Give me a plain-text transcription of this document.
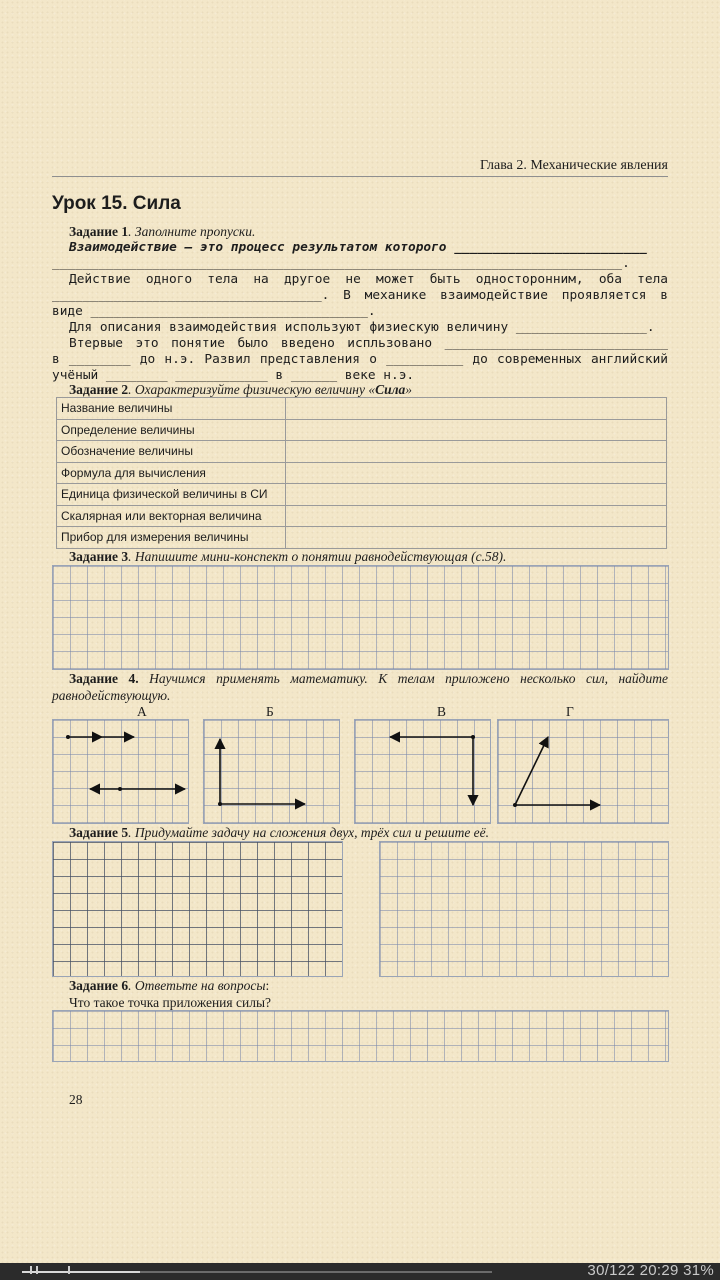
Глава 2. Механические явления
Урок 15. Сила
Задание 1. Заполните пропуски.
Взаимодействие – это процесс результатом которого _________________________
__________________________________________________________________________.
Действие одного тела на другое не может быть односторонним, оба тела
___________________________________. В механике взаимодействие проявляется в
виде ____________________________________.
Для описания взаимодействия используют физиескую величину _________________.
Втервые это понятие было введено испльзовано _____________________________
в ________ до н.э. Развил представления о __________ до современных английский
учёный ________ ____________ в ______ веке н.э.
Задание 2. Охарактеризуйте физическую величину «Сила»
Название величины	
Определение величины	
Обозначение величины	
Формула для вычисления	
Единица физической величины в СИ	
Скалярная или векторная величина	
Прибор для измерения величины	
Задание 3. Напишите мини-конспект о понятии равнодействующая (с.58).
Задание 4. Научимся применять математику. К телам приложено несколько сил, найдите
равнодействующую.
А	Б	В	Г
Задание 5. Придумайте задачу на сложения двух, трёх сил и решите её.
Задание 6. Ответьте на вопросы:
Что такое точка приложения силы?
28
30/122 20:29 31%
